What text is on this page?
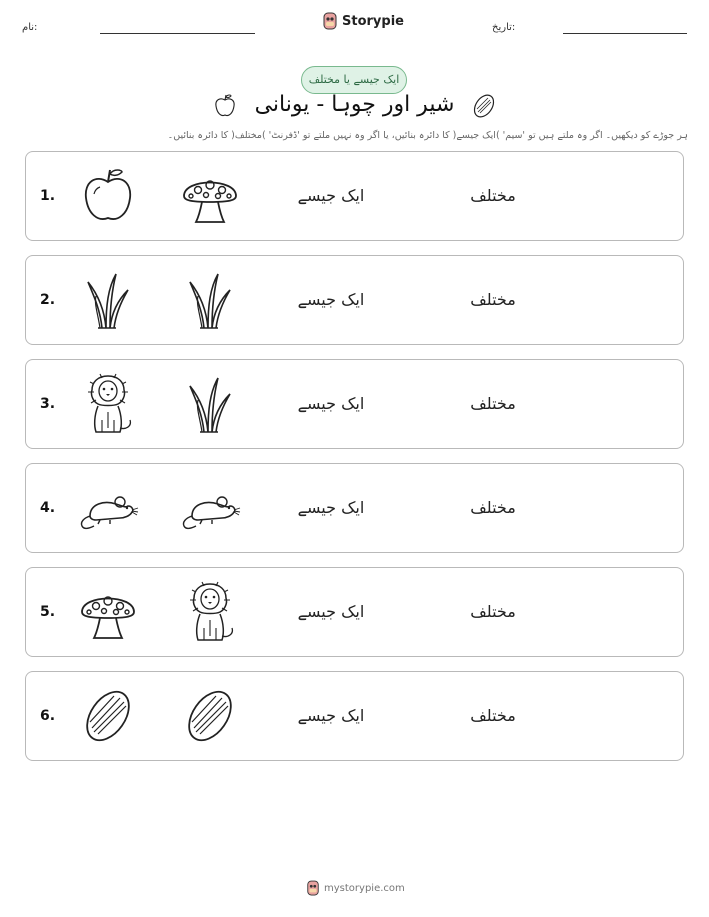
نام:	Storypie	تاریخ:
ایک جیسے یا مختلف
شیر اور چوہا - یونانی
ہر جوڑے کو دیکھیں۔ اگر وہ ملتے ہیں تو 'سیم' )ایک جیسے( کا دائرہ بنائیں، یا اگر وہ نہیں ملتے تو 'ڈفرنٹ' )مختلف( کا دائرہ بنائیں۔
1.	ایک جیسے	مختلف
2.	ایک جیسے	مختلف
3.	ایک جیسے	مختلف
4.	ایک جیسے	مختلف
5.	ایک جیسے	مختلف
6.	ایک جیسے	مختلف
mystorypie.com
